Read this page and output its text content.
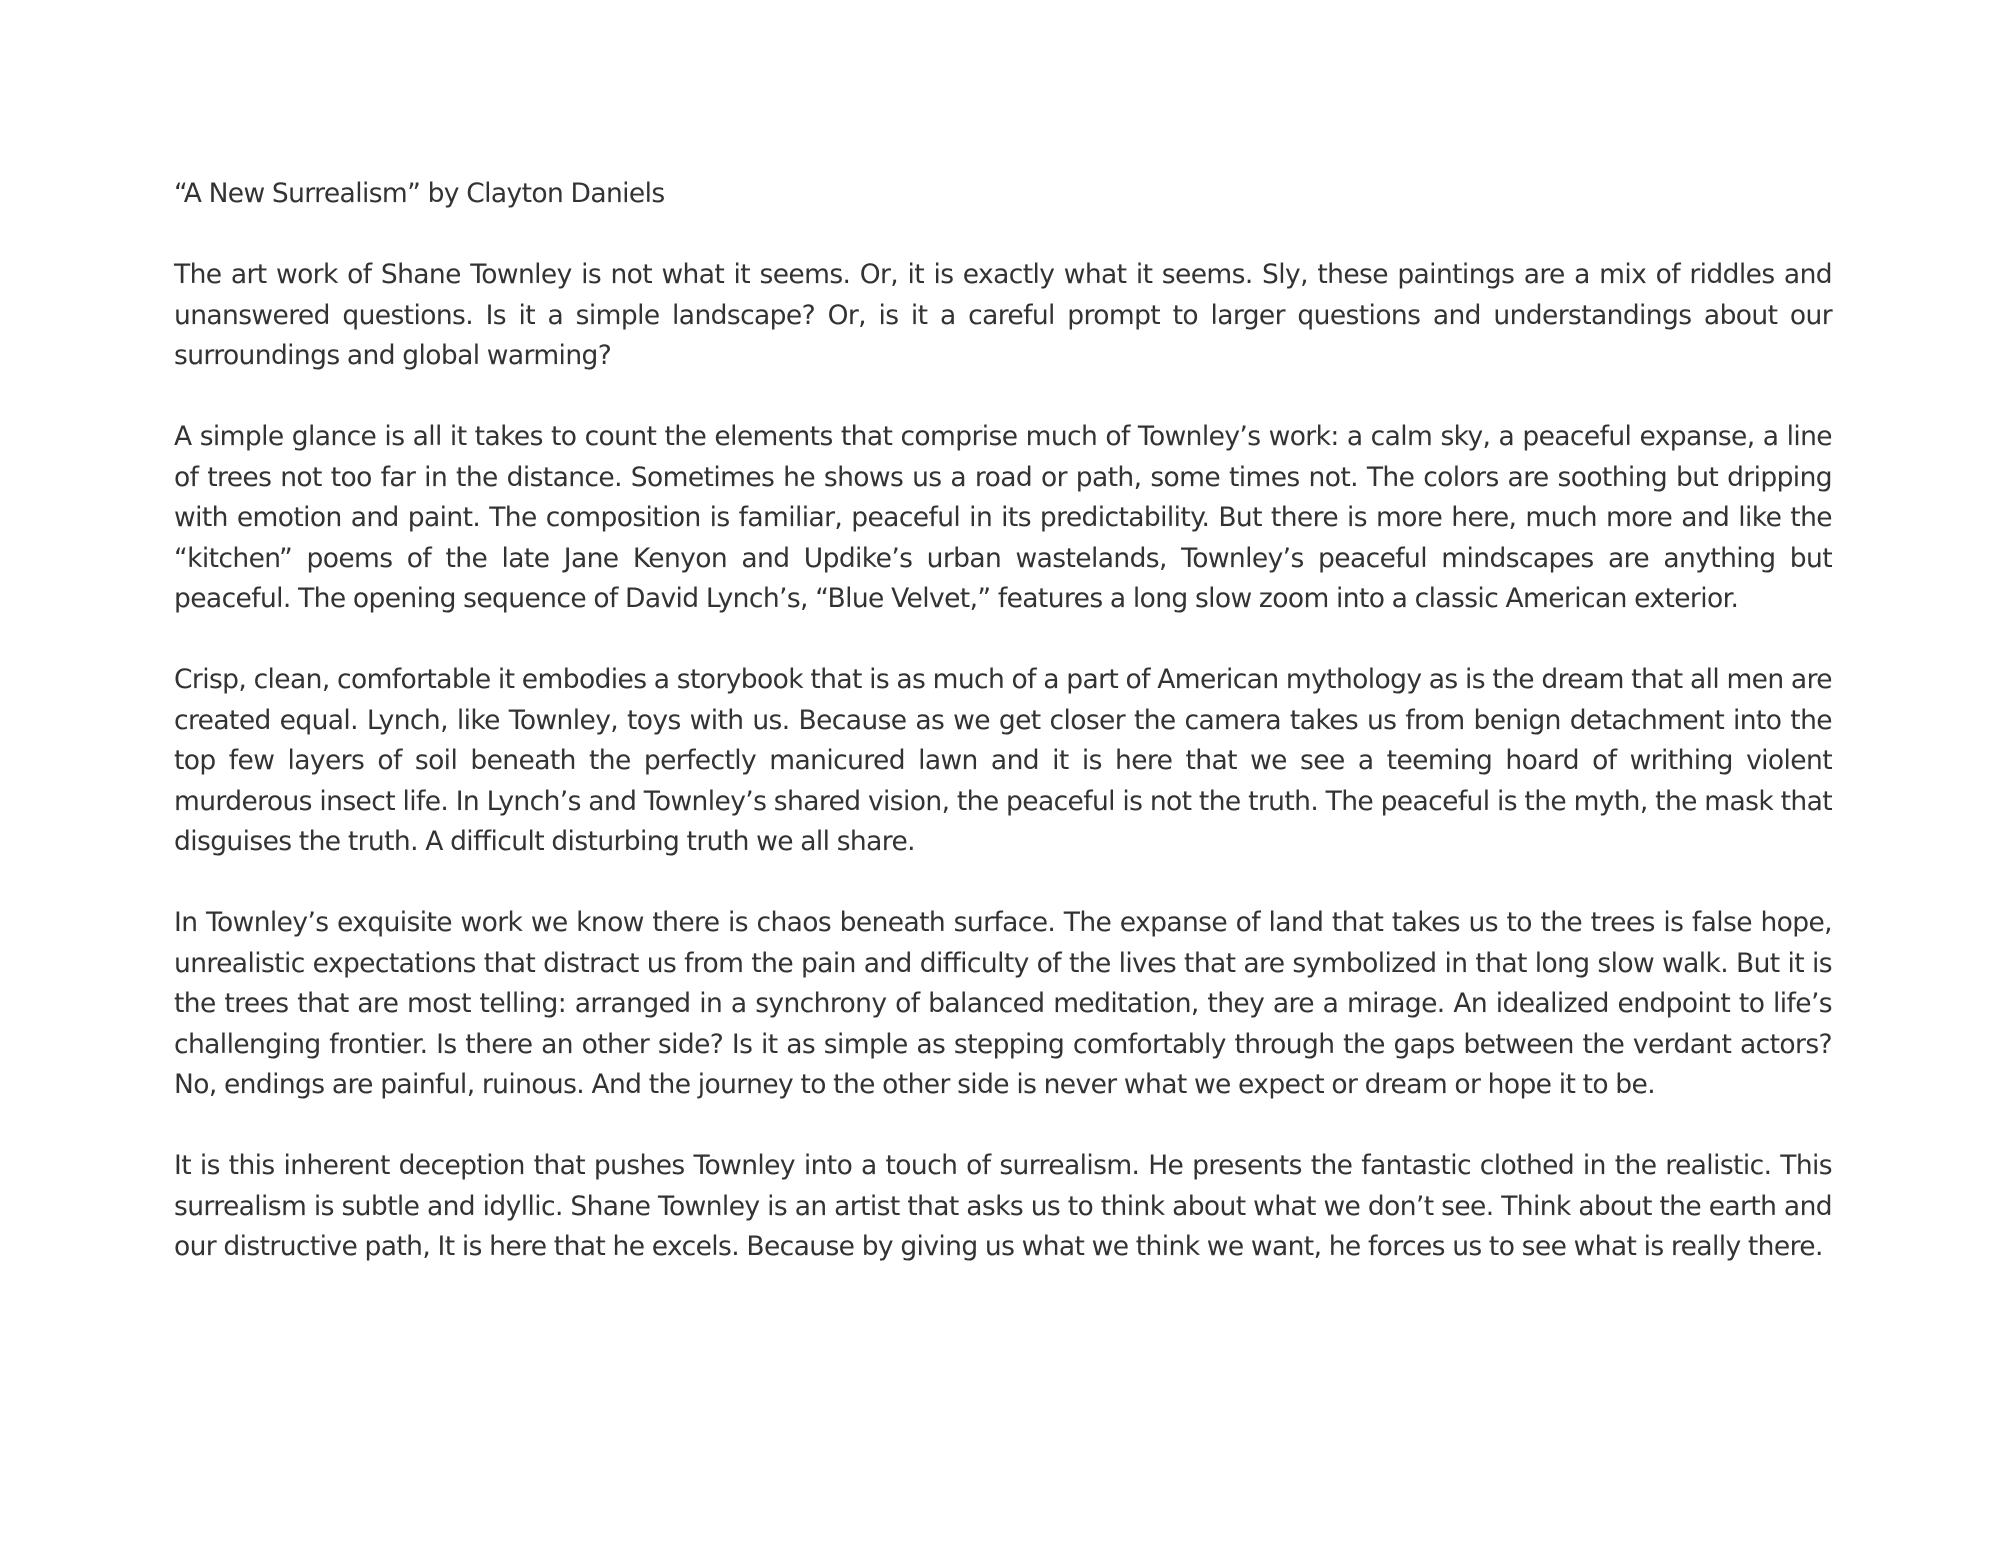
“A New Surrealism” by Clayton Daniels

The art work of Shane Townley is not what it seems. Or, it is exactly what it seems. Sly, these paintings are a mix of riddles and unanswered questions. Is it a simple landscape? Or, is it a careful prompt to larger questions and understandings about our surroundings and global warming?

A simple glance is all it takes to count the elements that comprise much of Townley’s work: a calm sky, a peaceful expanse, a line of trees not too far in the distance. Sometimes he shows us a road or path, some times not. The colors are soothing but dripping with emotion and paint. The composition is familiar, peaceful in its predictability. But there is more here, much more and like the “kitchen” poems of the late Jane Kenyon and Updike’s urban wastelands, Townley’s peaceful mindscapes are anything but peaceful. The opening sequence of David Lynch’s, “Blue Velvet,” features a long slow zoom into a classic American exterior.

Crisp, clean, comfortable it embodies a storybook that is as much of a part of American mythology as is the dream that all men are created equal. Lynch, like Townley, toys with us. Because as we get closer the camera takes us from benign detachment into the top few layers of soil beneath the perfectly manicured lawn and it is here that we see a teeming hoard of writhing violent murderous insect life. In Lynch’s and Townley’s shared vision, the peaceful is not the truth. The peaceful is the myth, the mask that disguises the truth. A difficult disturbing truth we all share.

In Townley’s exquisite work we know there is chaos beneath surface. The expanse of land that takes us to the trees is false hope, unrealistic expectations that distract us from the pain and difficulty of the lives that are symbolized in that long slow walk. But it is the trees that are most telling: arranged in a synchrony of balanced meditation, they are a mirage. An idealized endpoint to life’s challenging frontier. Is there an other side? Is it as simple as stepping comfortably through the gaps between the verdant actors? No, endings are painful, ruinous. And the journey to the other side is never what we expect or dream or hope it to be.

It is this inherent deception that pushes Townley into a touch of surrealism. He presents the fantastic clothed in the realistic. This surrealism is subtle and idyllic. Shane Townley is an artist that asks us to think about what we don’t see. Think about the earth and our distructive path, It is here that he excels. Because by giving us what we think we want, he forces us to see what is really there.
